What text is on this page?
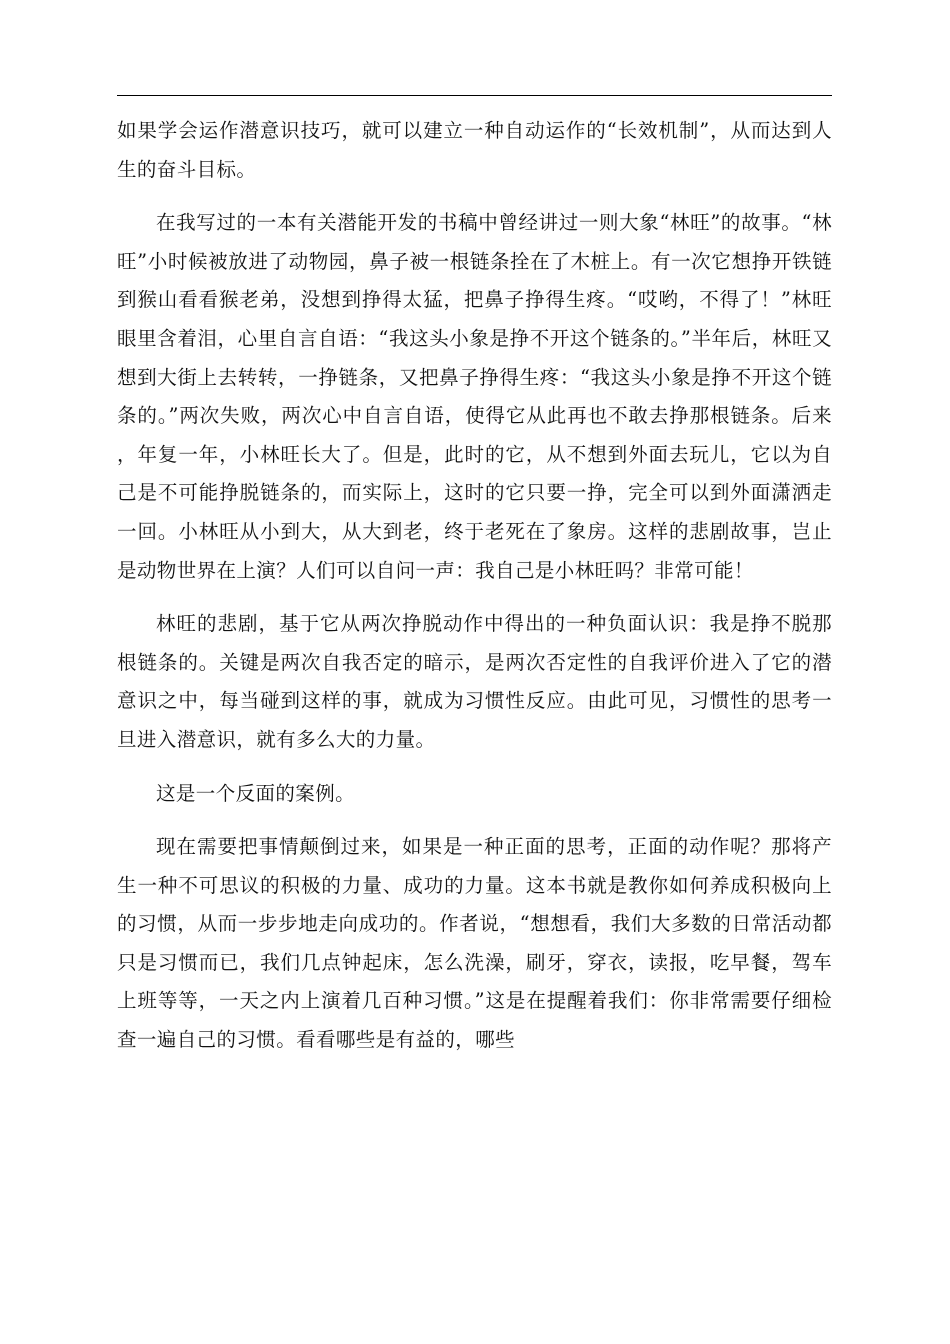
如果学会运作潜意识技巧，就可以建立一种自动运作的“长效机制”，从而达到人生的奋斗目标。

在我写过的一本有关潜能开发的书稿中曾经讲过一则大象“林旺”的故事。“林旺”小时候被放进了动物园，鼻子被一根链条拴在了木桩上。有一次它想挣开铁链到猴山看看猴老弟，没想到挣得太猛，把鼻子挣得生疼。“哎哟，不得了！”林旺眼里含着泪，心里自言自语：“我这头小象是挣不开这个链条的。”半年后，林旺又想到大街上去转转，一挣链条，又把鼻子挣得生疼：“我这头小象是挣不开这个链条的。”两次失败，两次心中自言自语，使得它从此再也不敢去挣那根链条。后来，年复一年，小林旺长大了。但是，此时的它，从不想到外面去玩儿，它以为自己是不可能挣脱链条的，而实际上，这时的它只要一挣，完全可以到外面潇洒走一回。小林旺从小到大，从大到老，终于老死在了象房。这样的悲剧故事，岂止是动物世界在上演？人们可以自问一声：我自己是小林旺吗？非常可能！

林旺的悲剧，基于它从两次挣脱动作中得出的一种负面认识：我是挣不脱那根链条的。关键是两次自我否定的暗示，是两次否定性的自我评价进入了它的潜意识之中，每当碰到这样的事，就成为习惯性反应。由此可见，习惯性的思考一旦进入潜意识，就有多么大的力量。

这是一个反面的案例。

现在需要把事情颠倒过来，如果是一种正面的思考，正面的动作呢？那将产生一种不可思议的积极的力量、成功的力量。这本书就是教你如何养成积极向上的习惯，从而一步步地走向成功的。作者说，“想想看，我们大多数的日常活动都只是习惯而已，我们几点钟起床，怎么洗澡，刷牙，穿衣，读报，吃早餐，驾车上班等等，一天之内上演着几百种习惯。”这是在提醒着我们：你非常需要仔细检查一遍自己的习惯。看看哪些是有益的，哪些
